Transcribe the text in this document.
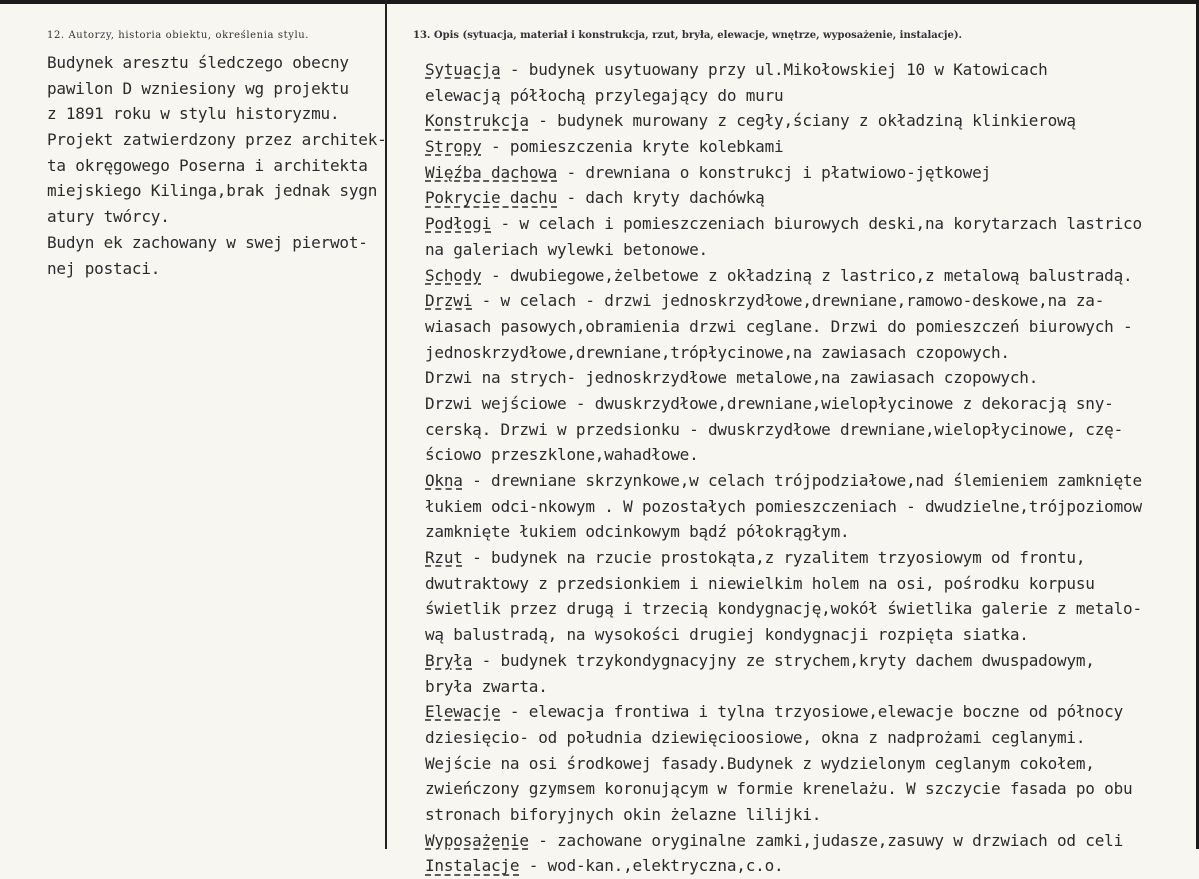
12. Autorzy, historia obiektu, określenia stylu.
Budynek aresztu śledczego obecny
pawilon D wzniesiony wg projektu
z 1891 roku w stylu historyzmu.
Projekt zatwierdzony przez architek-
ta okręgowego Poserna i architekta
miejskiego Kilinga,brak jednak sygn
atury twórcy.
Budyn ek zachowany w swej pierwot-
nej postaci.
13. Opis (sytuacja, materiał i konstrukcja, rzut, bryła, elewacje, wnętrze, wyposażenie, instalacje).
Sytuacja - budynek usytuowany przy ul.Mikołowskiej 10 w Katowicach
elewacją półłochą przylegający do muru
Konstrukcja - budynek murowany z cegły,ściany z okładziną klinkierową
Stropy - pomieszczenia kryte kolebkami
Więźba dachowa - drewniana o konstrukcj i płatwiowo-jętkowej
Pokrycie dachu - dach kryty dachówką
Podłogi - w celach i pomieszczeniach biurowych deski,na korytarzach lastrico
na galeriach wylewki betonowe.
Schody - dwubiegowe,żelbetowe z okładziną z lastrico,z metalową balustradą.
Drzwi - w celach - drzwi jednoskrzydłowe,drewniane,ramowo-deskowe,na za-
wiasach pasowych,obramienia drzwi ceglane. Drzwi do pomieszczeń biurowych -
jednoskrzydłowe,drewniane,trópłycinowe,na zawiasach czopowych.
Drzwi na strych- jednoskrzydłowe metalowe,na zawiasach czopowych.
Drzwi wejściowe - dwuskrzydłowe,drewniane,wielopłycinowe z dekoracją sny-
cerską. Drzwi w przedsionku - dwuskrzydłowe drewniane,wielopłycinowe, czę-
ściowo przeszklone,wahadłowe.
Okna - drewniane skrzynkowe,w celach trójpodziałowe,nad ślemieniem zamknięte
łukiem odci-nkowym . W pozostałych pomieszczeniach - dwudzielne,trójpoziomow
zamknięte łukiem odcinkowym bądź półokrągłym.
Rzut - budynek na rzucie prostokąta,z ryzalitem trzyosiowym od frontu,
dwutraktowy z przedsionkiem i niewielkim holem na osi, pośrodku korpusu
świetlik przez drugą i trzecią kondygnację,wokół świetlika galerie z metalo-
wą balustradą, na wysokości drugiej kondygnacji rozpięta siatka.
Bryła - budynek trzykondygnacyjny ze strychem,kryty dachem dwuspadowym,
bryła zwarta.
Elewacje - elewacja frontiwa i tylna trzyosiowe,elewacje boczne od północy
dziesięcio- od południa dziewięcioosiowe, okna z nadprożami ceglanymi.
Wejście na osi środkowej fasady.Budynek z wydzielonym ceglanym cokołem,
zwieńczony gzymsem koronującym w formie krenelażu. W szczycie fasada po obu
stronach biforyjnych okin żelazne lilijki.
Wyposażenie - zachowane oryginalne zamki,judasze,zasuwy w drzwiach od celi
Instalacje - wod-kan.,elektryczna,c.o.
